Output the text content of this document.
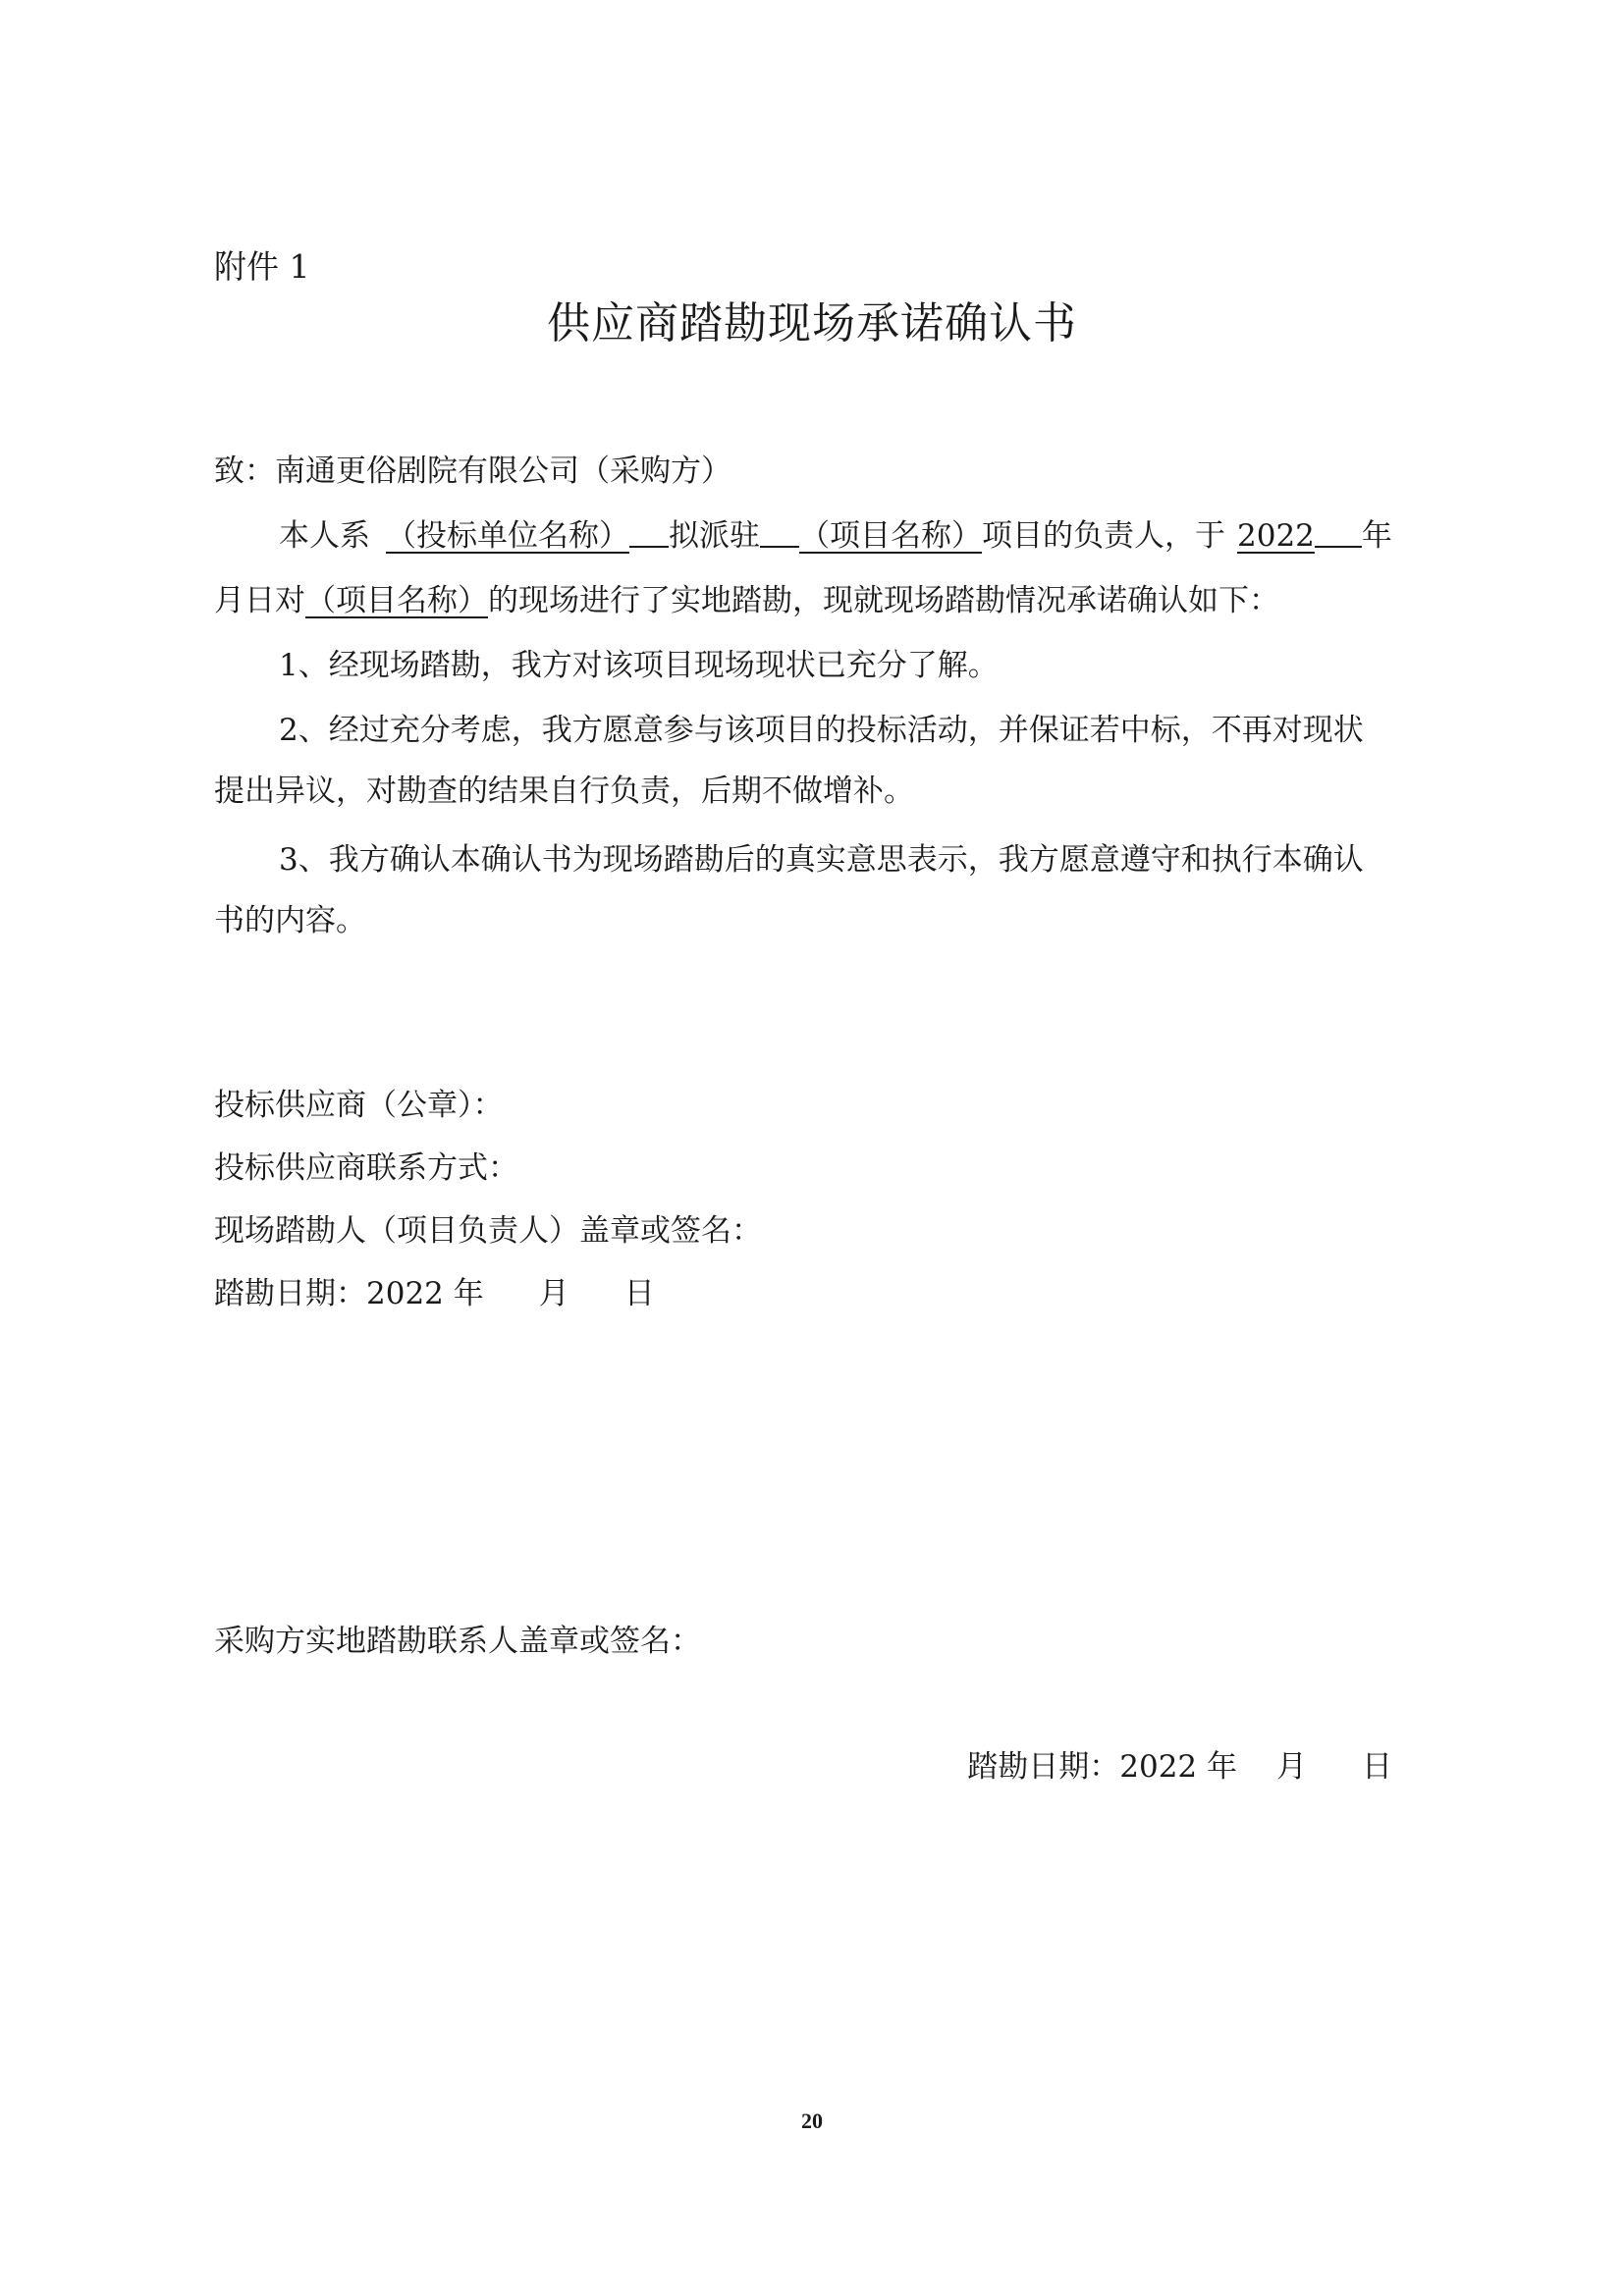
附件 1
供应商踏勘现场承诺确认书
致：南通更俗剧院有限公司（采购方）
本人系 （投标单位名称） 拟派驻 （项目名称）项目的负责人，于 2022 年
月日对（项目名称）的现场进行了实地踏勘，现就现场踏勘情况承诺确认如下：
1、经现场踏勘，我方对该项目现场现状已充分了解。
2、经过充分考虑，我方愿意参与该项目的投标活动，并保证若中标，不再对现状提出异议，对勘查的结果自行负责，后期不做增补。
3、我方确认本确认书为现场踏勘后的真实意思表示，我方愿意遵守和执行本确认书的内容。
投标供应商（公章）：
投标供应商联系方式：
现场踏勘人（项目负责人）盖章或签名：
踏勘日期：2022 年 月 日
采购方实地踏勘联系人盖章或签名：
踏勘日期：2022 年 月 日
20
